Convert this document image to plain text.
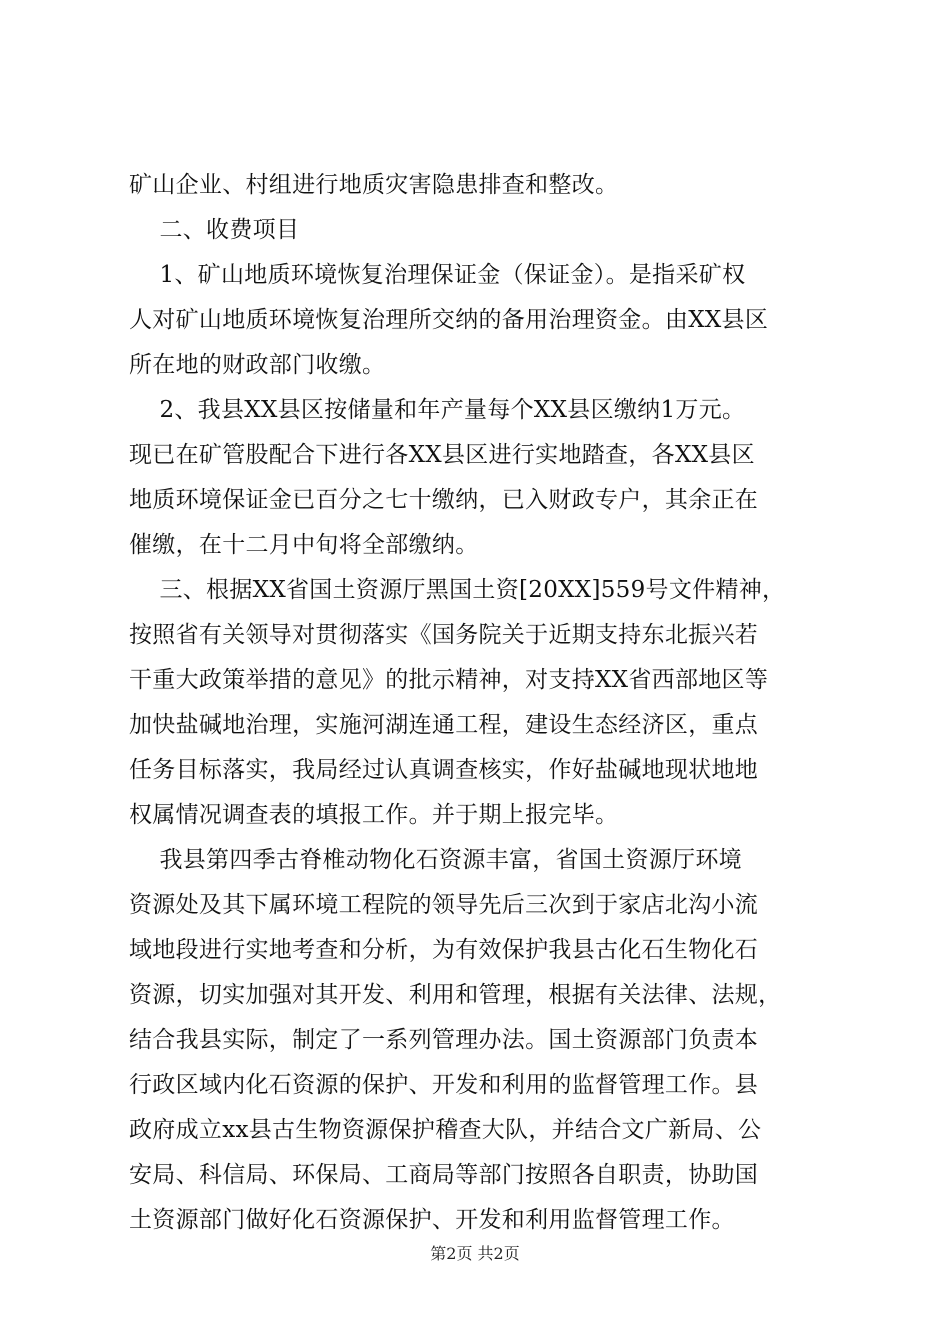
矿山企业、村组进行地质灾害隐患排查和整改。
二、收费项目
1、矿山地质环境恢复治理保证金（保证金）。是指采矿权
人对矿山地质环境恢复治理所交纳的备用治理资金。由XX县区
所在地的财政部门收缴。
2、我县XX县区按储量和年产量每个XX县区缴纳1万元。
现已在矿管股配合下进行各XX县区进行实地踏查，各XX县区
地质环境保证金已百分之七十缴纳，已入财政专户，其余正在
催缴，在十二月中旬将全部缴纳。
三、根据XX省国土资源厅黑国土资[20XX]559号文件精神，
按照省有关领导对贯彻落实《国务院关于近期支持东北振兴若
干重大政策举措的意见》的批示精神，对支持XX省西部地区等
加快盐碱地治理，实施河湖连通工程，建设生态经济区，重点
任务目标落实，我局经过认真调查核实，作好盐碱地现状地地
权属情况调查表的填报工作。并于期上报完毕。
我县第四季古脊椎动物化石资源丰富，省国土资源厅环境
资源处及其下属环境工程院的领导先后三次到于家店北沟小流
域地段进行实地考查和分析，为有效保护我县古化石生物化石
资源，切实加强对其开发、利用和管理，根据有关法律、法规，
结合我县实际，制定了一系列管理办法。国土资源部门负责本
行政区域内化石资源的保护、开发和利用的监督管理工作。县
政府成立xx县古生物资源保护稽查大队，并结合文广新局、公
安局、科信局、环保局、工商局等部门按照各自职责，协助国
土资源部门做好化石资源保护、开发和利用监督管理工作。
第2页 共2页
